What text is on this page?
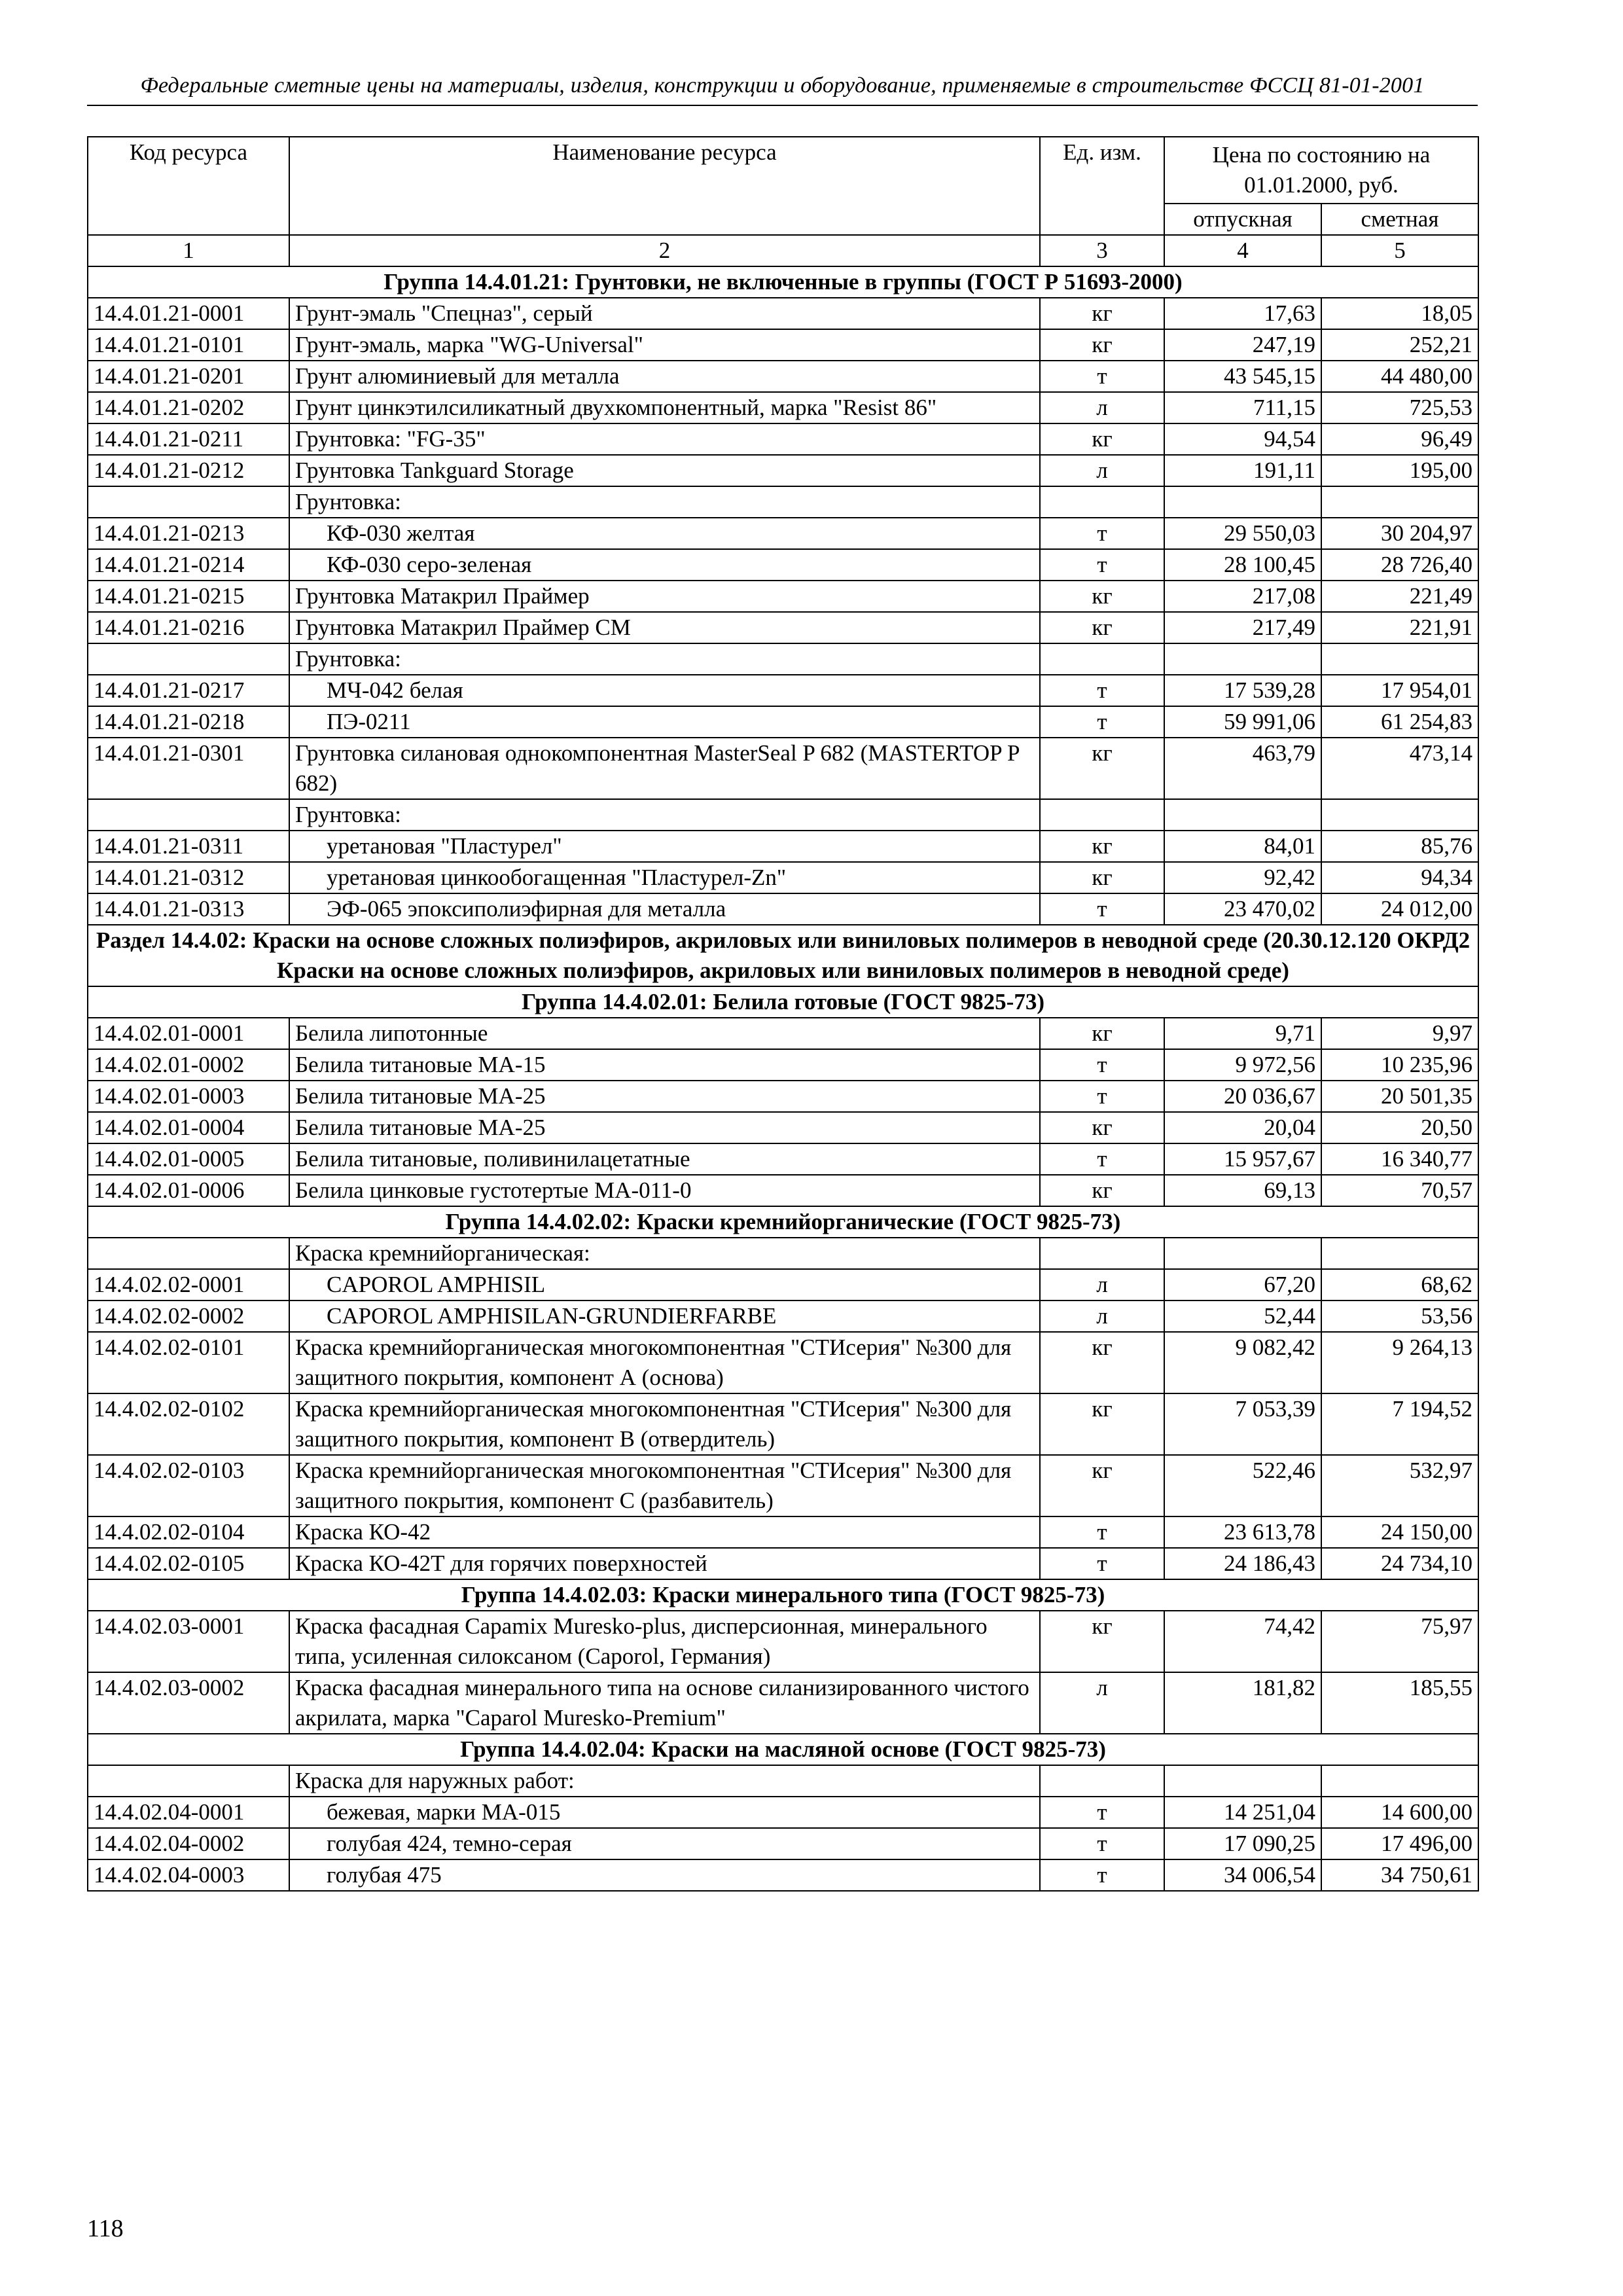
Федеральные сметные цены на материалы, изделия, конструкции и оборудование, применяемые в строительстве ФССЦ 81-01-2001
Код ресурса	Наименование ресурса	Ед. изм.	Цена по состоянию на 01.01.2000, руб.	
			отпускная	сметная
1	2	3	4	5
Группа 14.4.01.21: Грунтовки, не включенные в группы (ГОСТ Р 51693-2000)				
14.4.01.21-0001	Грунт-эмаль "Спецназ", серый	кг	17,63	18,05
14.4.01.21-0101	Грунт-эмаль, марка "WG-Universal"	кг	247,19	252,21
14.4.01.21-0201	Грунт алюминиевый для металла	т	43 545,15	44 480,00
14.4.01.21-0202	Грунт цинкэтилсиликатный двухкомпонентный, марка "Resist 86"	л	711,15	725,53
14.4.01.21-0211	Грунтовка: "FG-35"	кг	94,54	96,49
14.4.01.21-0212	Грунтовка Tankguard Storage	л	191,11	195,00
	Грунтовка:			
14.4.01.21-0213	КФ-030 желтая	т	29 550,03	30 204,97
14.4.01.21-0214	КФ-030 серо-зеленая	т	28 100,45	28 726,40
14.4.01.21-0215	Грунтовка Матакрил Праймер	кг	217,08	221,49
14.4.01.21-0216	Грунтовка Матакрил Праймер СМ	кг	217,49	221,91
	Грунтовка:			
14.4.01.21-0217	МЧ-042 белая	т	17 539,28	17 954,01
14.4.01.21-0218	ПЭ-0211	т	59 991,06	61 254,83
14.4.01.21-0301	Грунтовка силановая однокомпонентная MasterSeal P 682 (MASTERTOP P 682)	кг	463,79	473,14
	Грунтовка:			
14.4.01.21-0311	уретановая "Пластурел"	кг	84,01	85,76
14.4.01.21-0312	уретановая цинкообогащенная "Пластурел-Zn"	кг	92,42	94,34
14.4.01.21-0313	ЭФ-065 эпоксиполиэфирная для металла	т	23 470,02	24 012,00
Раздел 14.4.02: Краски на основе сложных полиэфиров, акриловых или виниловых полимеров в неводной среде (20.30.12.120 ОКРД2 Краски на основе сложных полиэфиров, акриловых или виниловых полимеров в неводной среде)				
Группа 14.4.02.01: Белила готовые (ГОСТ 9825-73)				
14.4.02.01-0001	Белила липотонные	кг	9,71	9,97
14.4.02.01-0002	Белила титановые МА-15	т	9 972,56	10 235,96
14.4.02.01-0003	Белила титановые МА-25	т	20 036,67	20 501,35
14.4.02.01-0004	Белила титановые МА-25	кг	20,04	20,50
14.4.02.01-0005	Белила титановые, поливинилацетатные	т	15 957,67	16 340,77
14.4.02.01-0006	Белила цинковые густотертые МА-011-0	кг	69,13	70,57
Группа 14.4.02.02: Краски кремнийорганические (ГОСТ 9825-73)				
	Краска кремнийорганическая:			
14.4.02.02-0001	CAPOROL AMPHISIL	л	67,20	68,62
14.4.02.02-0002	CAPOROL AMPHISILAN-GRUNDIERFARBE	л	52,44	53,56
14.4.02.02-0101	Краска кремнийорганическая многокомпонентная "СТИсерия" №300 для защитного покрытия, компонент А (основа)	кг	9 082,42	9 264,13
14.4.02.02-0102	Краска кремнийорганическая многокомпонентная "СТИсерия" №300 для защитного покрытия, компонент В (отвердитель)	кг	7 053,39	7 194,52
14.4.02.02-0103	Краска кремнийорганическая многокомпонентная "СТИсерия" №300 для защитного покрытия, компонент С (разбавитель)	кг	522,46	532,97
14.4.02.02-0104	Краска КО-42	т	23 613,78	24 150,00
14.4.02.02-0105	Краска КО-42Т для горячих поверхностей	т	24 186,43	24 734,10
Группа 14.4.02.03: Краски минерального типа (ГОСТ 9825-73)				
14.4.02.03-0001	Краска фасадная Capamix Muresko-plus, дисперсионная, минерального типа, усиленная силоксаном (Caporol, Германия)	кг	74,42	75,97
14.4.02.03-0002	Краска фасадная минерального типа на основе силанизированного чистого акрилата, марка "Caparol Muresko-Premium"	л	181,82	185,55
Группа 14.4.02.04: Краски на масляной основе (ГОСТ 9825-73)				
	Краска для наружных работ:			
14.4.02.04-0001	бежевая, марки МА-015	т	14 251,04	14 600,00
14.4.02.04-0002	голубая 424, темно-серая	т	17 090,25	17 496,00
14.4.02.04-0003	голубая 475	т	34 006,54	34 750,61
118
